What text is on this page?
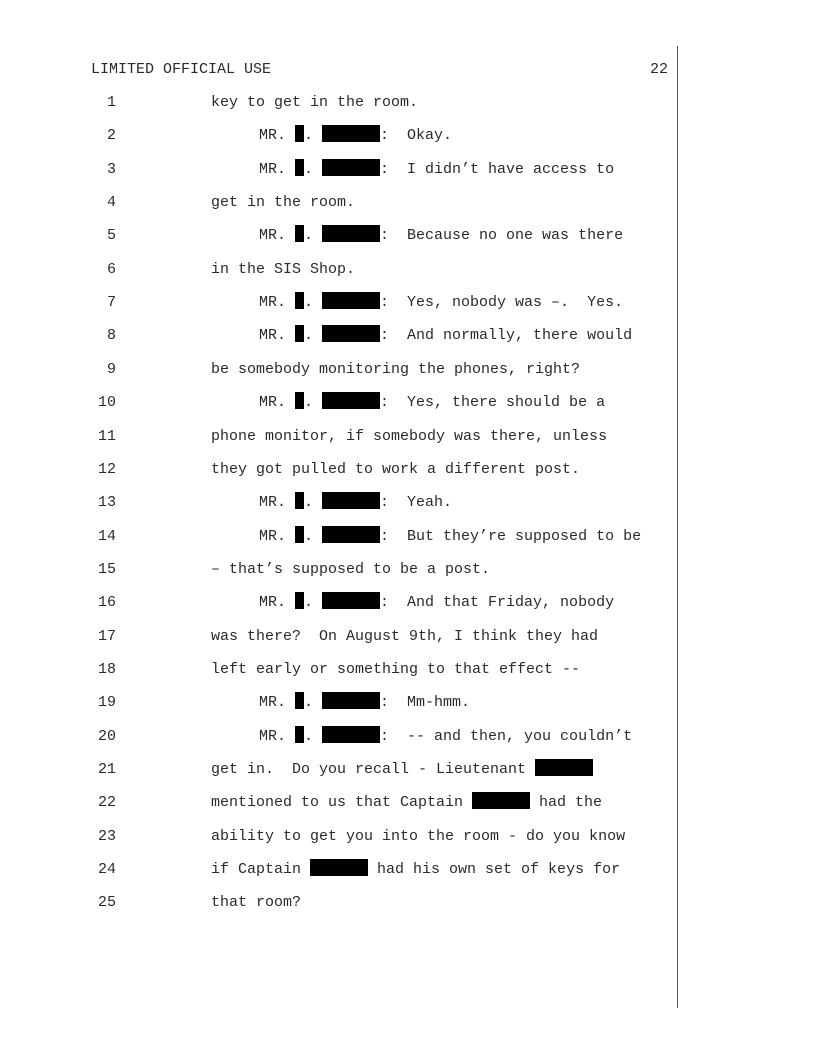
LIMITED OFFICIAL USE	22
1	key to get in the room.
2	MR. .	:  Okay.
3	MR. .	:  I didn’t have access to
4	get in the room.
5	MR. .	:  Because no one was there
6	in the SIS Shop.
7	MR. .	:  Yes, nobody was –.  Yes.
8	MR. .	:  And normally, there would
9	be somebody monitoring the phones, right?
10	MR. .	:  Yes, there should be a
11	phone monitor, if somebody was there, unless
12	they got pulled to work a different post.
13	MR. .	:  Yeah.
14	MR. .	:  But they’re supposed to be
15	– that’s supposed to be a post.
16	MR. .	:  And that Friday, nobody
17	was there?  On August 9th, I think they had
18	left early or something to that effect --
19	MR. .	:  Mm-hmm.
20	MR. .	:  -- and then, you couldn’t
21	get in.  Do you recall - Lieutenant
22	mentioned to us that Captain	had the
23	ability to get you into the room - do you know
24	if Captain	had his own set of keys for
25	that room?
